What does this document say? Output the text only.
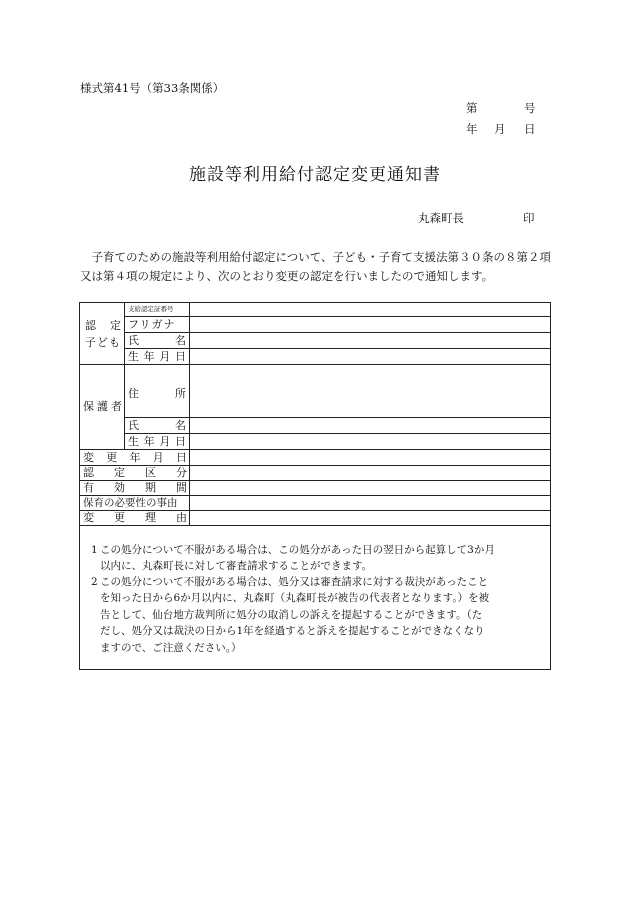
様式第41号（第33条関係）
第	号
年 月 日
施設等利用給付認定変更通知書
丸森町長	印
子育てのための施設等利用給付認定について、子ども・子育て支援法第３０条の８第２項又は第４項の規定により、次のとおり変更の認定を行いましたので通知します。
認 定
子ども
支給認定証番号
フリガナ
氏	名
生 年 月 日
保護者
住	所
氏	名
生 年 月 日
変 更 年 月 日
認 定 区 分
有 効 期 間
保育の必要性の事由
変 更 理 由
1 この処分について不服がある場合は、この処分があった日の翌日から起算して3か月
以内に、丸森町長に対して審査請求することができます。
2 この処分について不服がある場合は、処分又は審査請求に対する裁決があったこと
を知った日から6か月以内に、丸森町（丸森町長が被告の代表者となります。）を被
告として、仙台地方裁判所に処分の取消しの訴えを提起することができます。（た
だし、処分又は裁決の日から1年を経過すると訴えを提起することができなくなり
ますので、ご注意ください。）
